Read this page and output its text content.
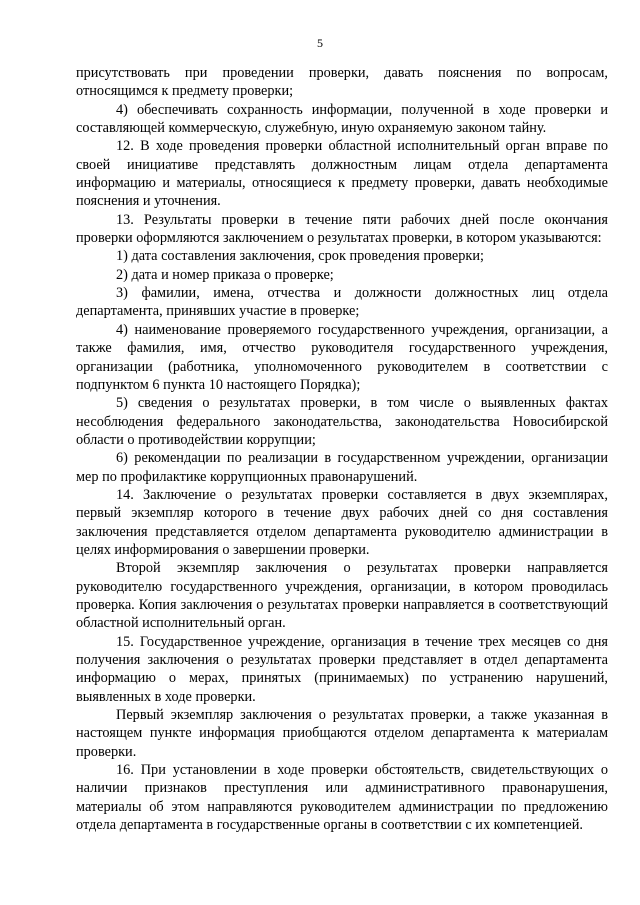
5

присутствовать при проведении проверки, давать пояснения по вопросам, относящимся к предмету проверки;

4) обеспечивать сохранность информации, полученной в ходе проверки и составляющей коммерческую, служебную, иную охраняемую законом тайну.

12. В ходе проведения проверки областной исполнительный орган вправе по своей инициативе представлять должностным лицам отдела департамента информацию и материалы, относящиеся к предмету проверки, давать необходимые пояснения и уточнения.

13. Результаты проверки в течение пяти рабочих дней после окончания проверки оформляются заключением о результатах проверки, в котором указываются:

1) дата составления заключения, срок проведения проверки;

2) дата и номер приказа о проверке;

3) фамилии, имена, отчества и должности должностных лиц отдела департамента, принявших участие в проверке;

4) наименование проверяемого государственного учреждения, организации, а также фамилия, имя, отчество руководителя государственного учреждения, организации (работника, уполномоченного руководителем в соответствии с подпунктом 6 пункта 10 настоящего Порядка);

5) сведения о результатах проверки, в том числе о выявленных фактах несоблюдения федерального законодательства, законодательства Новосибирской области о противодействии коррупции;

6) рекомендации по реализации в государственном учреждении, организации мер по профилактике коррупционных правонарушений.

14. Заключение о результатах проверки составляется в двух экземплярах, первый экземпляр которого в течение двух рабочих дней со дня составления заключения представляется отделом департамента руководителю администрации в целях информирования о завершении проверки.

Второй экземпляр заключения о результатах проверки направляется руководителю государственного учреждения, организации, в котором проводилась проверка. Копия заключения о результатах проверки направляется в соответствующий областной исполнительный орган.

15. Государственное учреждение, организация в течение трех месяцев со дня получения заключения о результатах проверки представляет в отдел департамента информацию о мерах, принятых (принимаемых) по устранению нарушений, выявленных в ходе проверки.

Первый экземпляр заключения о результатах проверки, а также указанная в настоящем пункте информация приобщаются отделом департамента к материалам проверки.

16. При установлении в ходе проверки обстоятельств, свидетельствующих о наличии признаков преступления или административного правонарушения, материалы об этом направляются руководителем администрации по предложению отдела департамента в государственные органы в соответствии с их компетенцией.
